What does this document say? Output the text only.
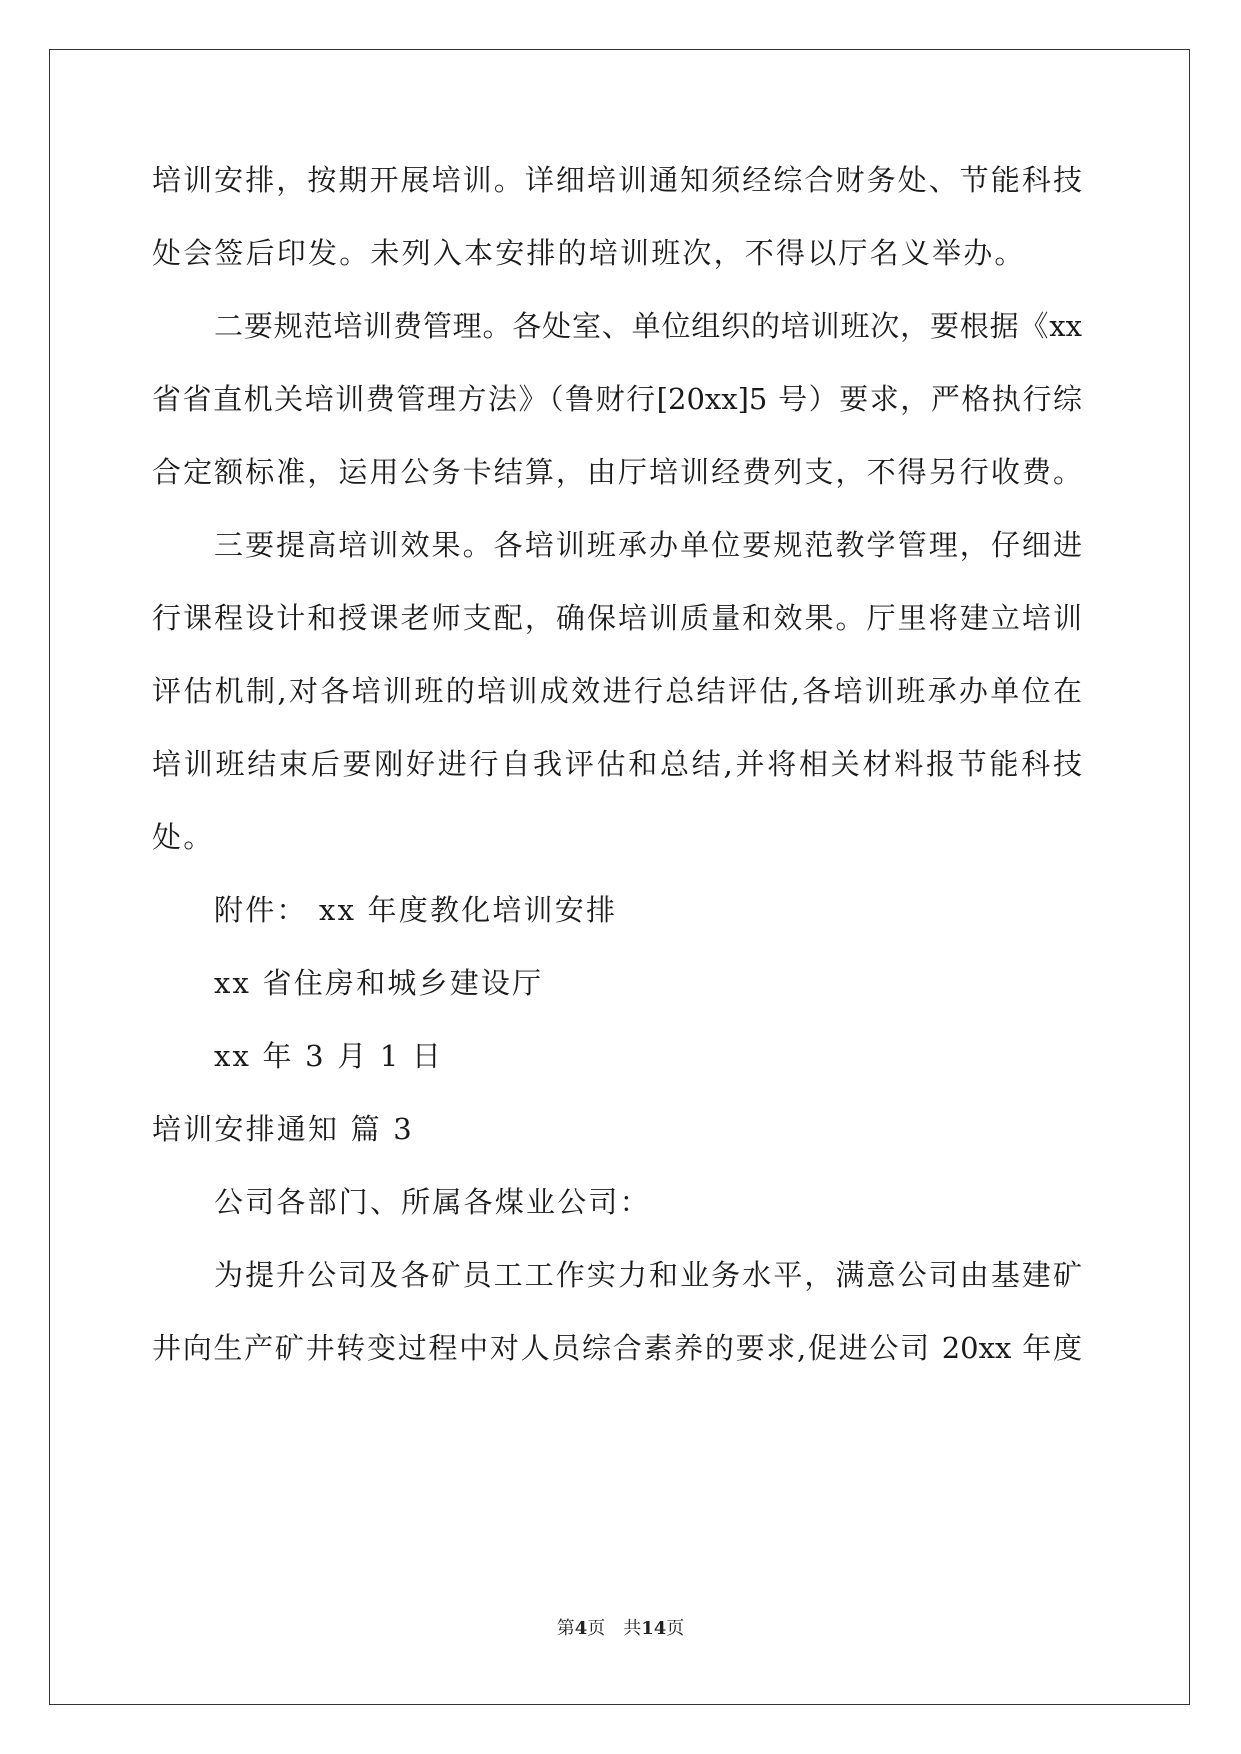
培训安排，按期开展培训。详细培训通知须经综合财务处、节能科技
处会签后印发。未列入本安排的培训班次，不得以厅名义举办。
二要规范培训费管理。各处室、单位组织的培训班次，要根据《xx
省省直机关培训费管理方法》（鲁财行[20xx]5 号）要求，严格执行综
合定额标准，运用公务卡结算，由厅培训经费列支，不得另行收费。
三要提高培训效果。各培训班承办单位要规范教学管理，仔细进
行课程设计和授课老师支配，确保培训质量和效果。厅里将建立培训
评估机制,对各培训班的培训成效进行总结评估,各培训班承办单位在
培训班结束后要刚好进行自我评估和总结,并将相关材料报节能科技
处。
附件： xx 年度教化培训安排
xx 省住房和城乡建设厅
xx 年 3 月 1 日
培训安排通知 篇 3
公司各部门、所属各煤业公司：
为提升公司及各矿员工工作实力和业务水平，满意公司由基建矿
井向生产矿井转变过程中对人员综合素养的要求,促进公司 20xx 年度
第4页 共14页
